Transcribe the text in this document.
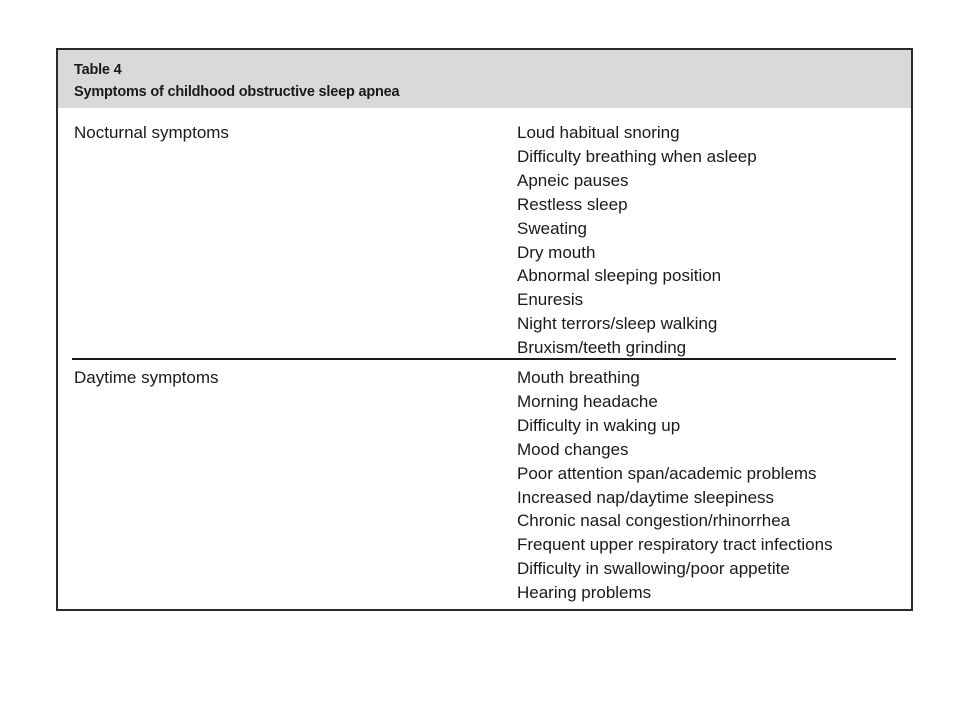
Table 4
Symptoms of childhood obstructive sleep apnea
Nocturnal symptoms	Loud habitual snoring
Difficulty breathing when asleep
Apneic pauses
Restless sleep
Sweating
Dry mouth
Abnormal sleeping position
Enuresis
Night terrors/sleep walking
Bruxism/teeth grinding
Daytime symptoms	Mouth breathing
Morning headache
Difficulty in waking up
Mood changes
Poor attention span/academic problems
Increased nap/daytime sleepiness
Chronic nasal congestion/rhinorrhea
Frequent upper respiratory tract infections
Difficulty in swallowing/poor appetite
Hearing problems
